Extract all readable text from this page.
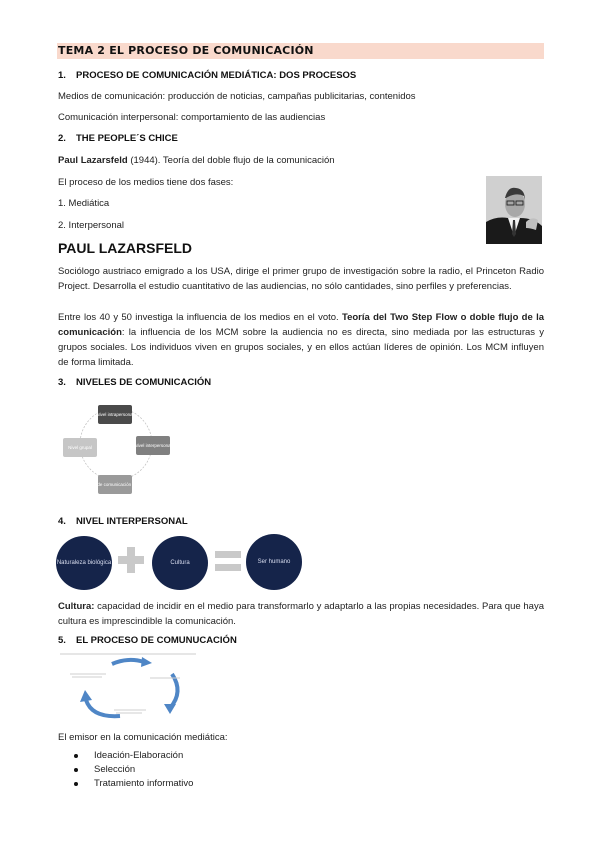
TEMA 2 EL PROCESO DE COMUNICACIÓN
1. PROCESO DE COMUNICACIÓN MEDIÁTICA: DOS PROCESOS
Medios de comunicación: producción de noticias, campañas publicitarias, contenidos
Comunicación interpersonal: comportamiento de las audiencias
2. THE PEOPLE´S CHICE
Paul Lazarsfeld (1944). Teoría del doble flujo de la comunicación
El proceso de los medios tiene dos fases:
1. Mediática
2. Interpersonal
PAUL LAZARSFELD
Sociólogo austriaco emigrado a los USA, dirige el primer grupo de investigación sobre la radio, el Princeton Radio Project. Desarrolla el estudio cuantitativo de las audiencias, no sólo cantidades, sino perfiles y preferencias.
Entre los 40 y 50 investiga la influencia de los medios en el voto. Teoría del Two Step Flow o doble flujo de la comunicación: la influencia de los MCM sobre la audiencia no es directa, sino mediada por las estructuras y grupos sociales. Los individuos viven en grupos sociales, y en ellos actúan líderes de opinión. Los MCM influyen de forma limitada.
3. NIVELES DE COMUNICACIÓN
Nivel intrapersonal
Nivel interpersonal
Nivel de comunicación social
Nivel grupal
4. NIVEL INTERPERSONAL
Naturaleza biológica	Cultura	Ser humano
Cultura: capacidad de incidir en el medio para transformarlo y adaptarlo a las propias necesidades. Para que haya cultura es imprescindible la comunicación.
5. EL PROCESO DE COMUNUCACIÓN
El emisor en la comunicación mediática:
Ideación-Elaboración
Selección
Tratamiento informativo
